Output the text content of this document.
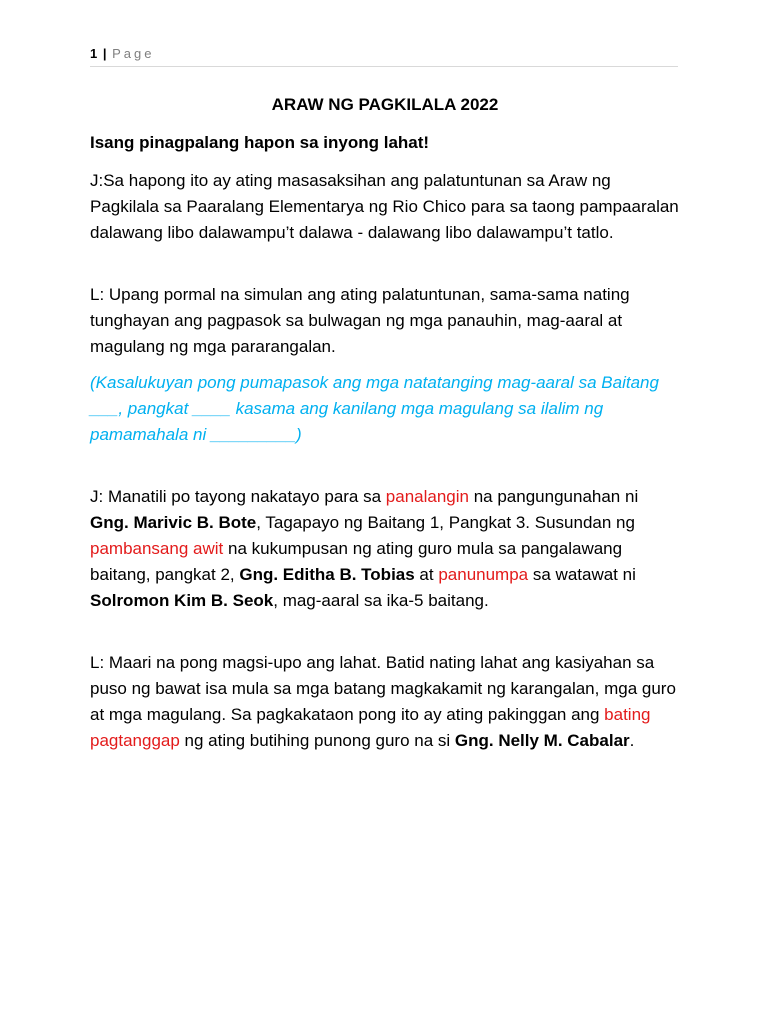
1 | Page

ARAW NG PAGKILALA 2022

Isang pinagpalang hapon sa inyong lahat!

J:Sa hapong ito ay ating masasaksihan ang palatuntunan sa Araw ng Pagkilala sa Paaralang Elementarya ng Rio Chico para sa taong pampaaralan dalawang libo dalawampu’t dalawa - dalawang libo dalawampu’t tatlo.

L: Upang pormal na simulan ang ating palatuntunan, sama-sama nating tunghayan ang pagpasok sa bulwagan ng mga panauhin, mag-aaral at magulang ng mga pararangalan.

(Kasalukuyan pong pumapasok ang mga natatanging mag-aaral sa Baitang ___, pangkat ____ kasama ang kanilang mga magulang sa ilalim ng pamamahala ni _________)

J: Manatili po tayong nakatayo para sa panalangin na pangungunahan ni Gng. Marivic B. Bote, Tagapayo ng Baitang 1, Pangkat 3. Susundan ng pambansang awit na kukumpusan ng ating guro mula sa pangalawang baitang, pangkat 2, Gng. Editha B. Tobias at panunumpa sa watawat ni Solromon Kim B. Seok, mag-aaral sa ika-5 baitang.

L: Maari na pong magsi-upo ang lahat. Batid nating lahat ang kasiyahan sa puso ng bawat isa mula sa mga batang magkakamit ng karangalan, mga guro at mga magulang. Sa pagkakataon pong ito ay ating pakinggan ang bating pagtanggap ng ating butihing punong guro na si Gng. Nelly M. Cabalar.
